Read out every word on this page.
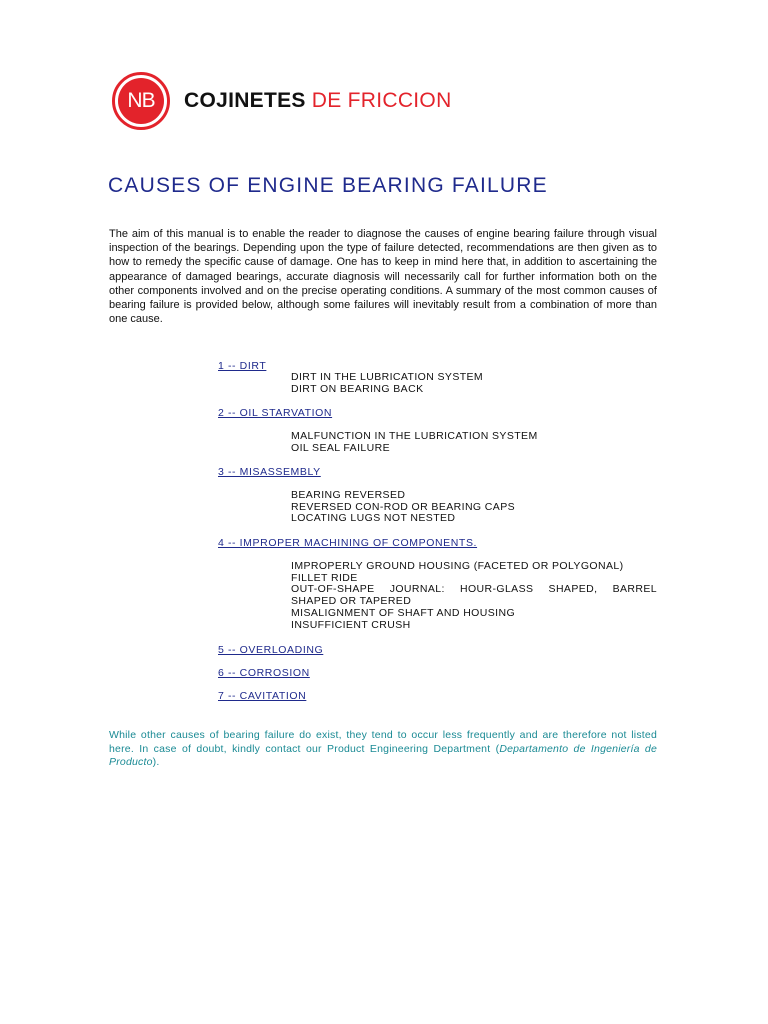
NB	COJINETES DE FRICCION
CAUSES OF ENGINE BEARING FAILURE
The aim of this manual is to enable the reader to diagnose the causes of engine bearing failure through visual inspection of the bearings. Depending upon the type of failure detected, recommendations are then given as to how to remedy the specific cause of damage. One has to keep in mind here that, in addition to ascertaining the appearance of damaged bearings, accurate diagnosis will necessarily call for further information both on the other components involved and on the precise operating conditions. A summary of the most common causes of bearing failure is provided below, although some failures will inevitably result from a combination of more than one cause.
1 -- DIRT
DIRT IN THE LUBRICATION SYSTEM
DIRT ON BEARING BACK
2 -- OIL STARVATION
MALFUNCTION IN THE LUBRICATION SYSTEM
OIL SEAL FAILURE
3 -- MISASSEMBLY
BEARING REVERSED
REVERSED CON-ROD OR BEARING CAPS
LOCATING LUGS NOT NESTED
4 -- IMPROPER MACHINING OF COMPONENTS.
IMPROPERLY GROUND HOUSING (FACETED OR POLYGONAL)
FILLET RIDE
OUT-OF-SHAPE JOURNAL: HOUR-GLASS SHAPED, BARREL SHAPED OR TAPERED
MISALIGNMENT OF SHAFT AND HOUSING
INSUFFICIENT CRUSH
5 -- OVERLOADING
6 -- CORROSION
7 -- CAVITATION
While other causes of bearing failure do exist, they tend to occur less frequently and are therefore not listed here. In case of doubt, kindly contact our Product Engineering Department (Departamento de Ingeniería de Producto).
